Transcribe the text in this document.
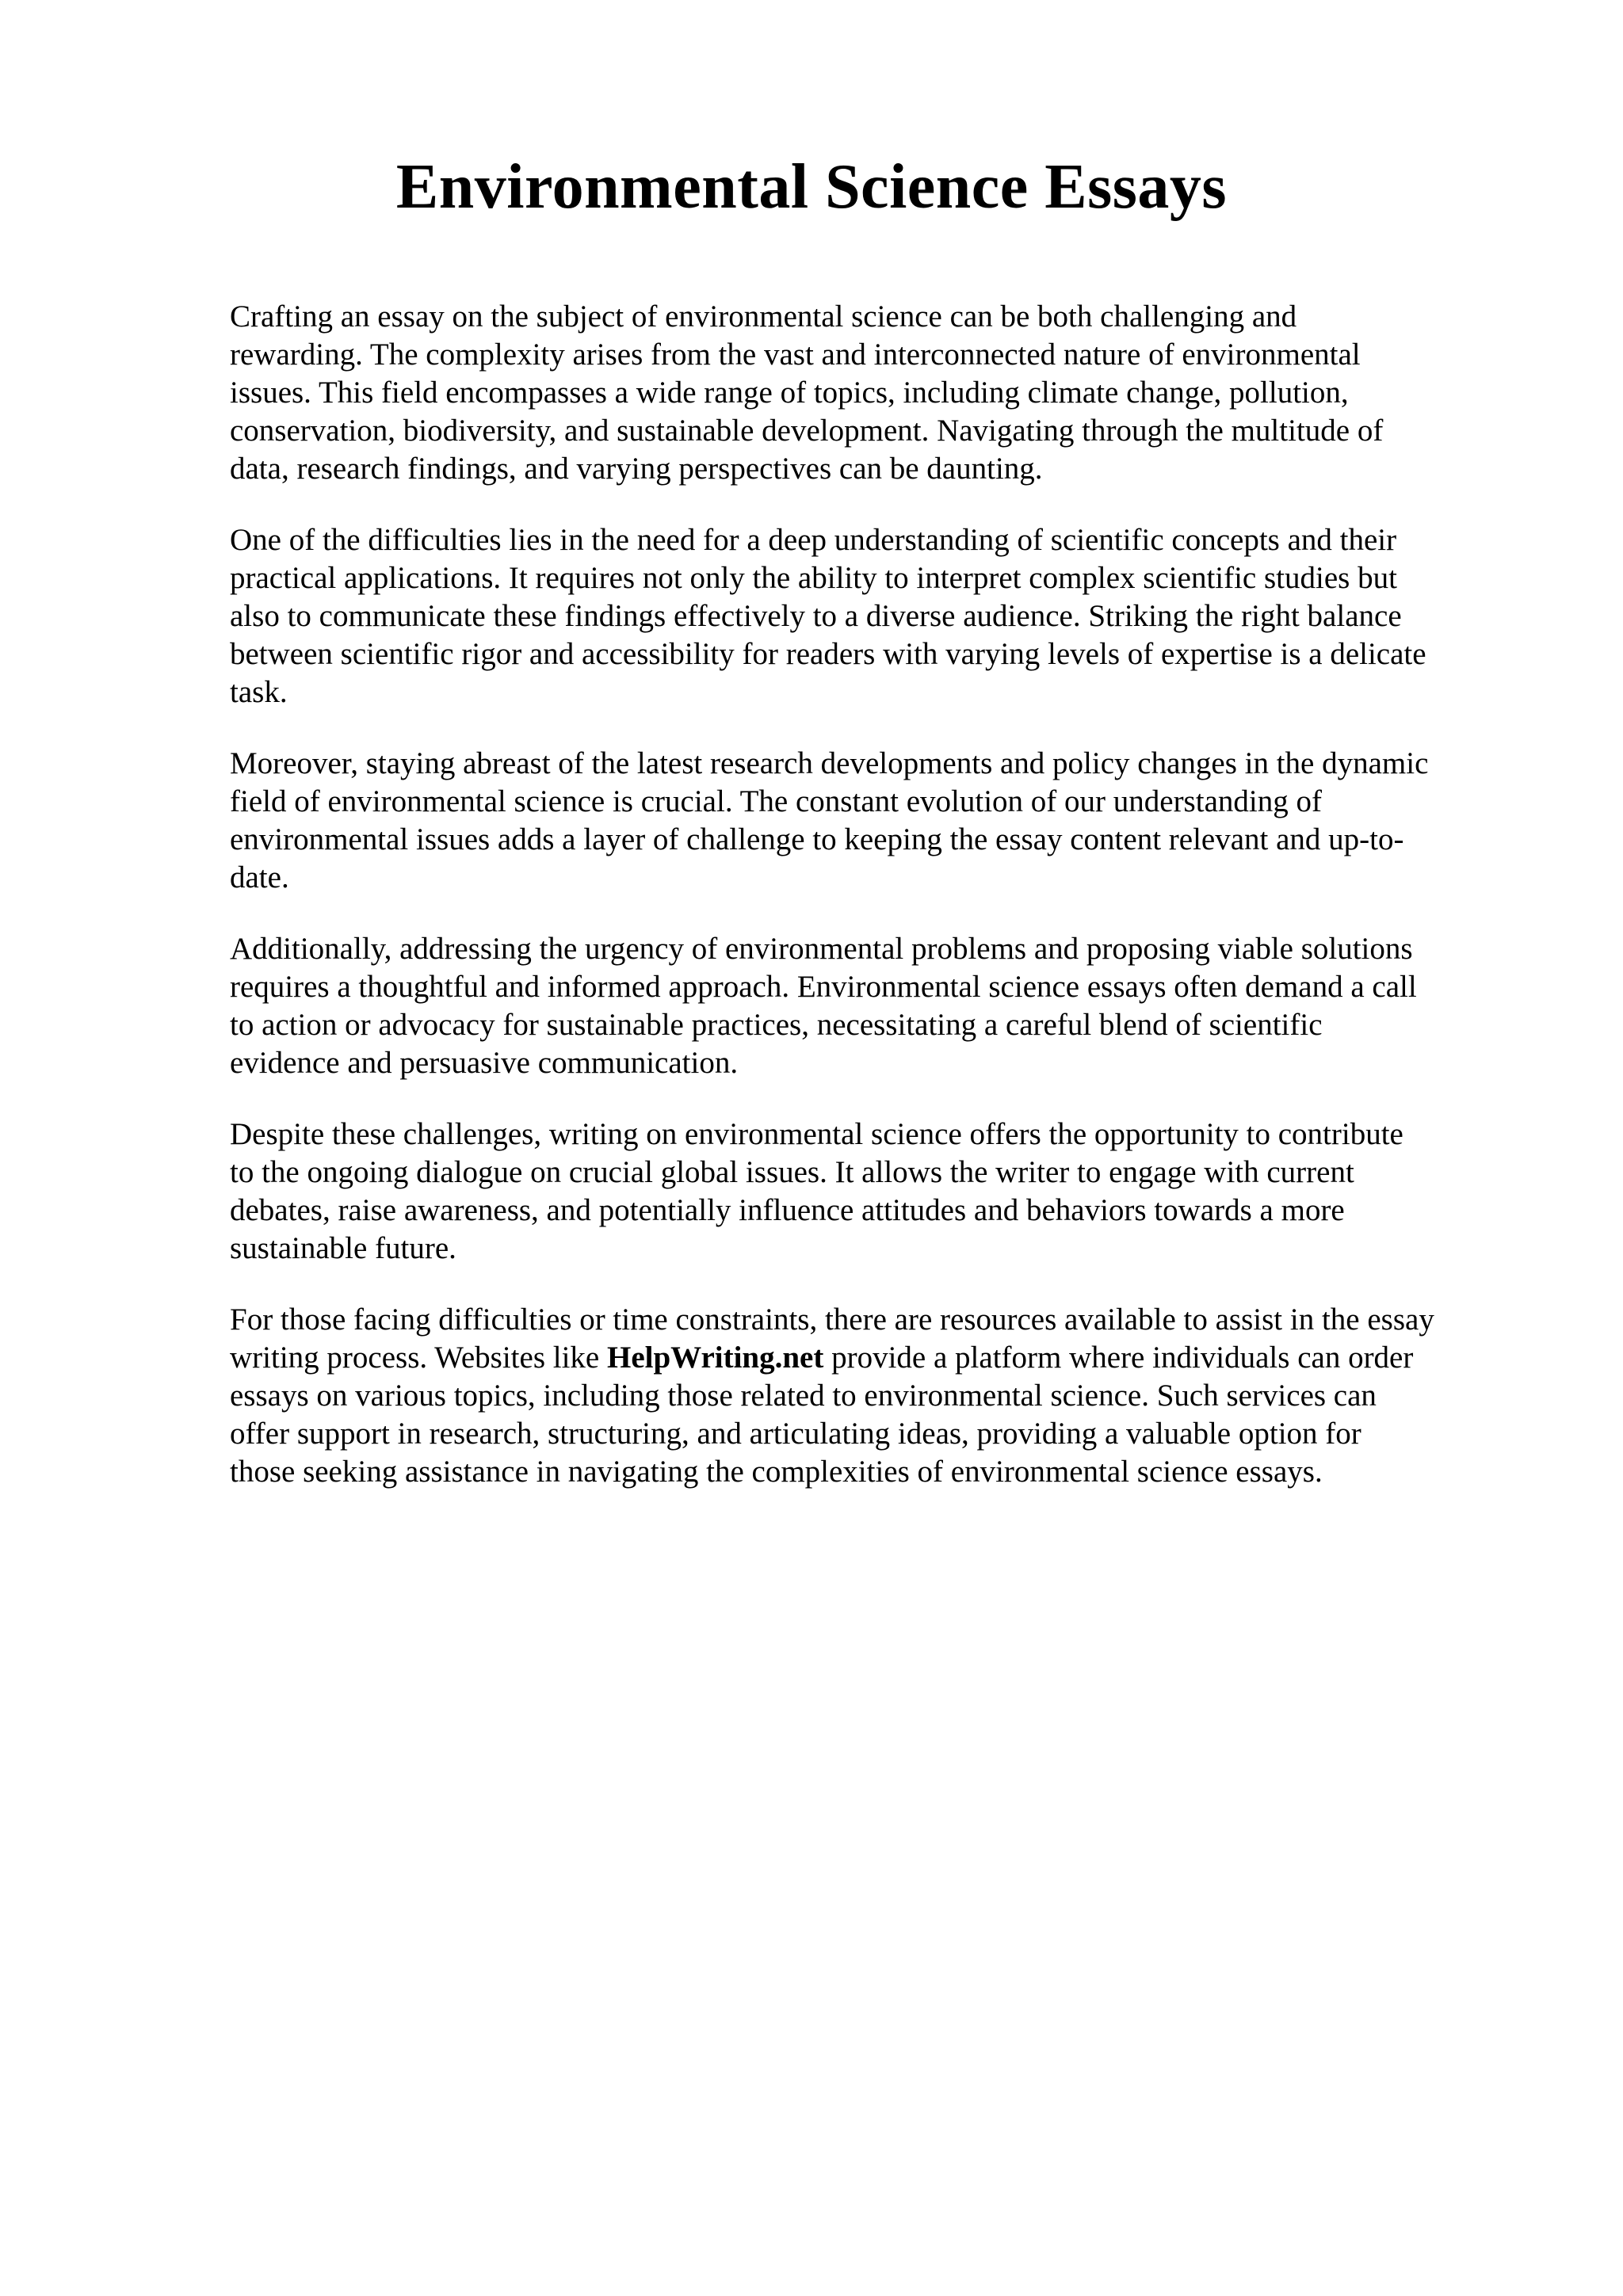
Environmental Science Essays

Crafting an essay on the subject of environmental science can be both challenging and
rewarding. The complexity arises from the vast and interconnected nature of environmental
issues. This field encompasses a wide range of topics, including climate change, pollution,
conservation, biodiversity, and sustainable development. Navigating through the multitude of
data, research findings, and varying perspectives can be daunting.

One of the difficulties lies in the need for a deep understanding of scientific concepts and their
practical applications. It requires not only the ability to interpret complex scientific studies but
also to communicate these findings effectively to a diverse audience. Striking the right balance
between scientific rigor and accessibility for readers with varying levels of expertise is a delicate
task.

Moreover, staying abreast of the latest research developments and policy changes in the dynamic
field of environmental science is crucial. The constant evolution of our understanding of
environmental issues adds a layer of challenge to keeping the essay content relevant and up-to-
date.

Additionally, addressing the urgency of environmental problems and proposing viable solutions
requires a thoughtful and informed approach. Environmental science essays often demand a call
to action or advocacy for sustainable practices, necessitating a careful blend of scientific
evidence and persuasive communication.

Despite these challenges, writing on environmental science offers the opportunity to contribute
to the ongoing dialogue on crucial global issues. It allows the writer to engage with current
debates, raise awareness, and potentially influence attitudes and behaviors towards a more
sustainable future.

For those facing difficulties or time constraints, there are resources available to assist in the essay
writing process. Websites like HelpWriting.net provide a platform where individuals can order
essays on various topics, including those related to environmental science. Such services can
offer support in research, structuring, and articulating ideas, providing a valuable option for
those seeking assistance in navigating the complexities of environmental science essays.
